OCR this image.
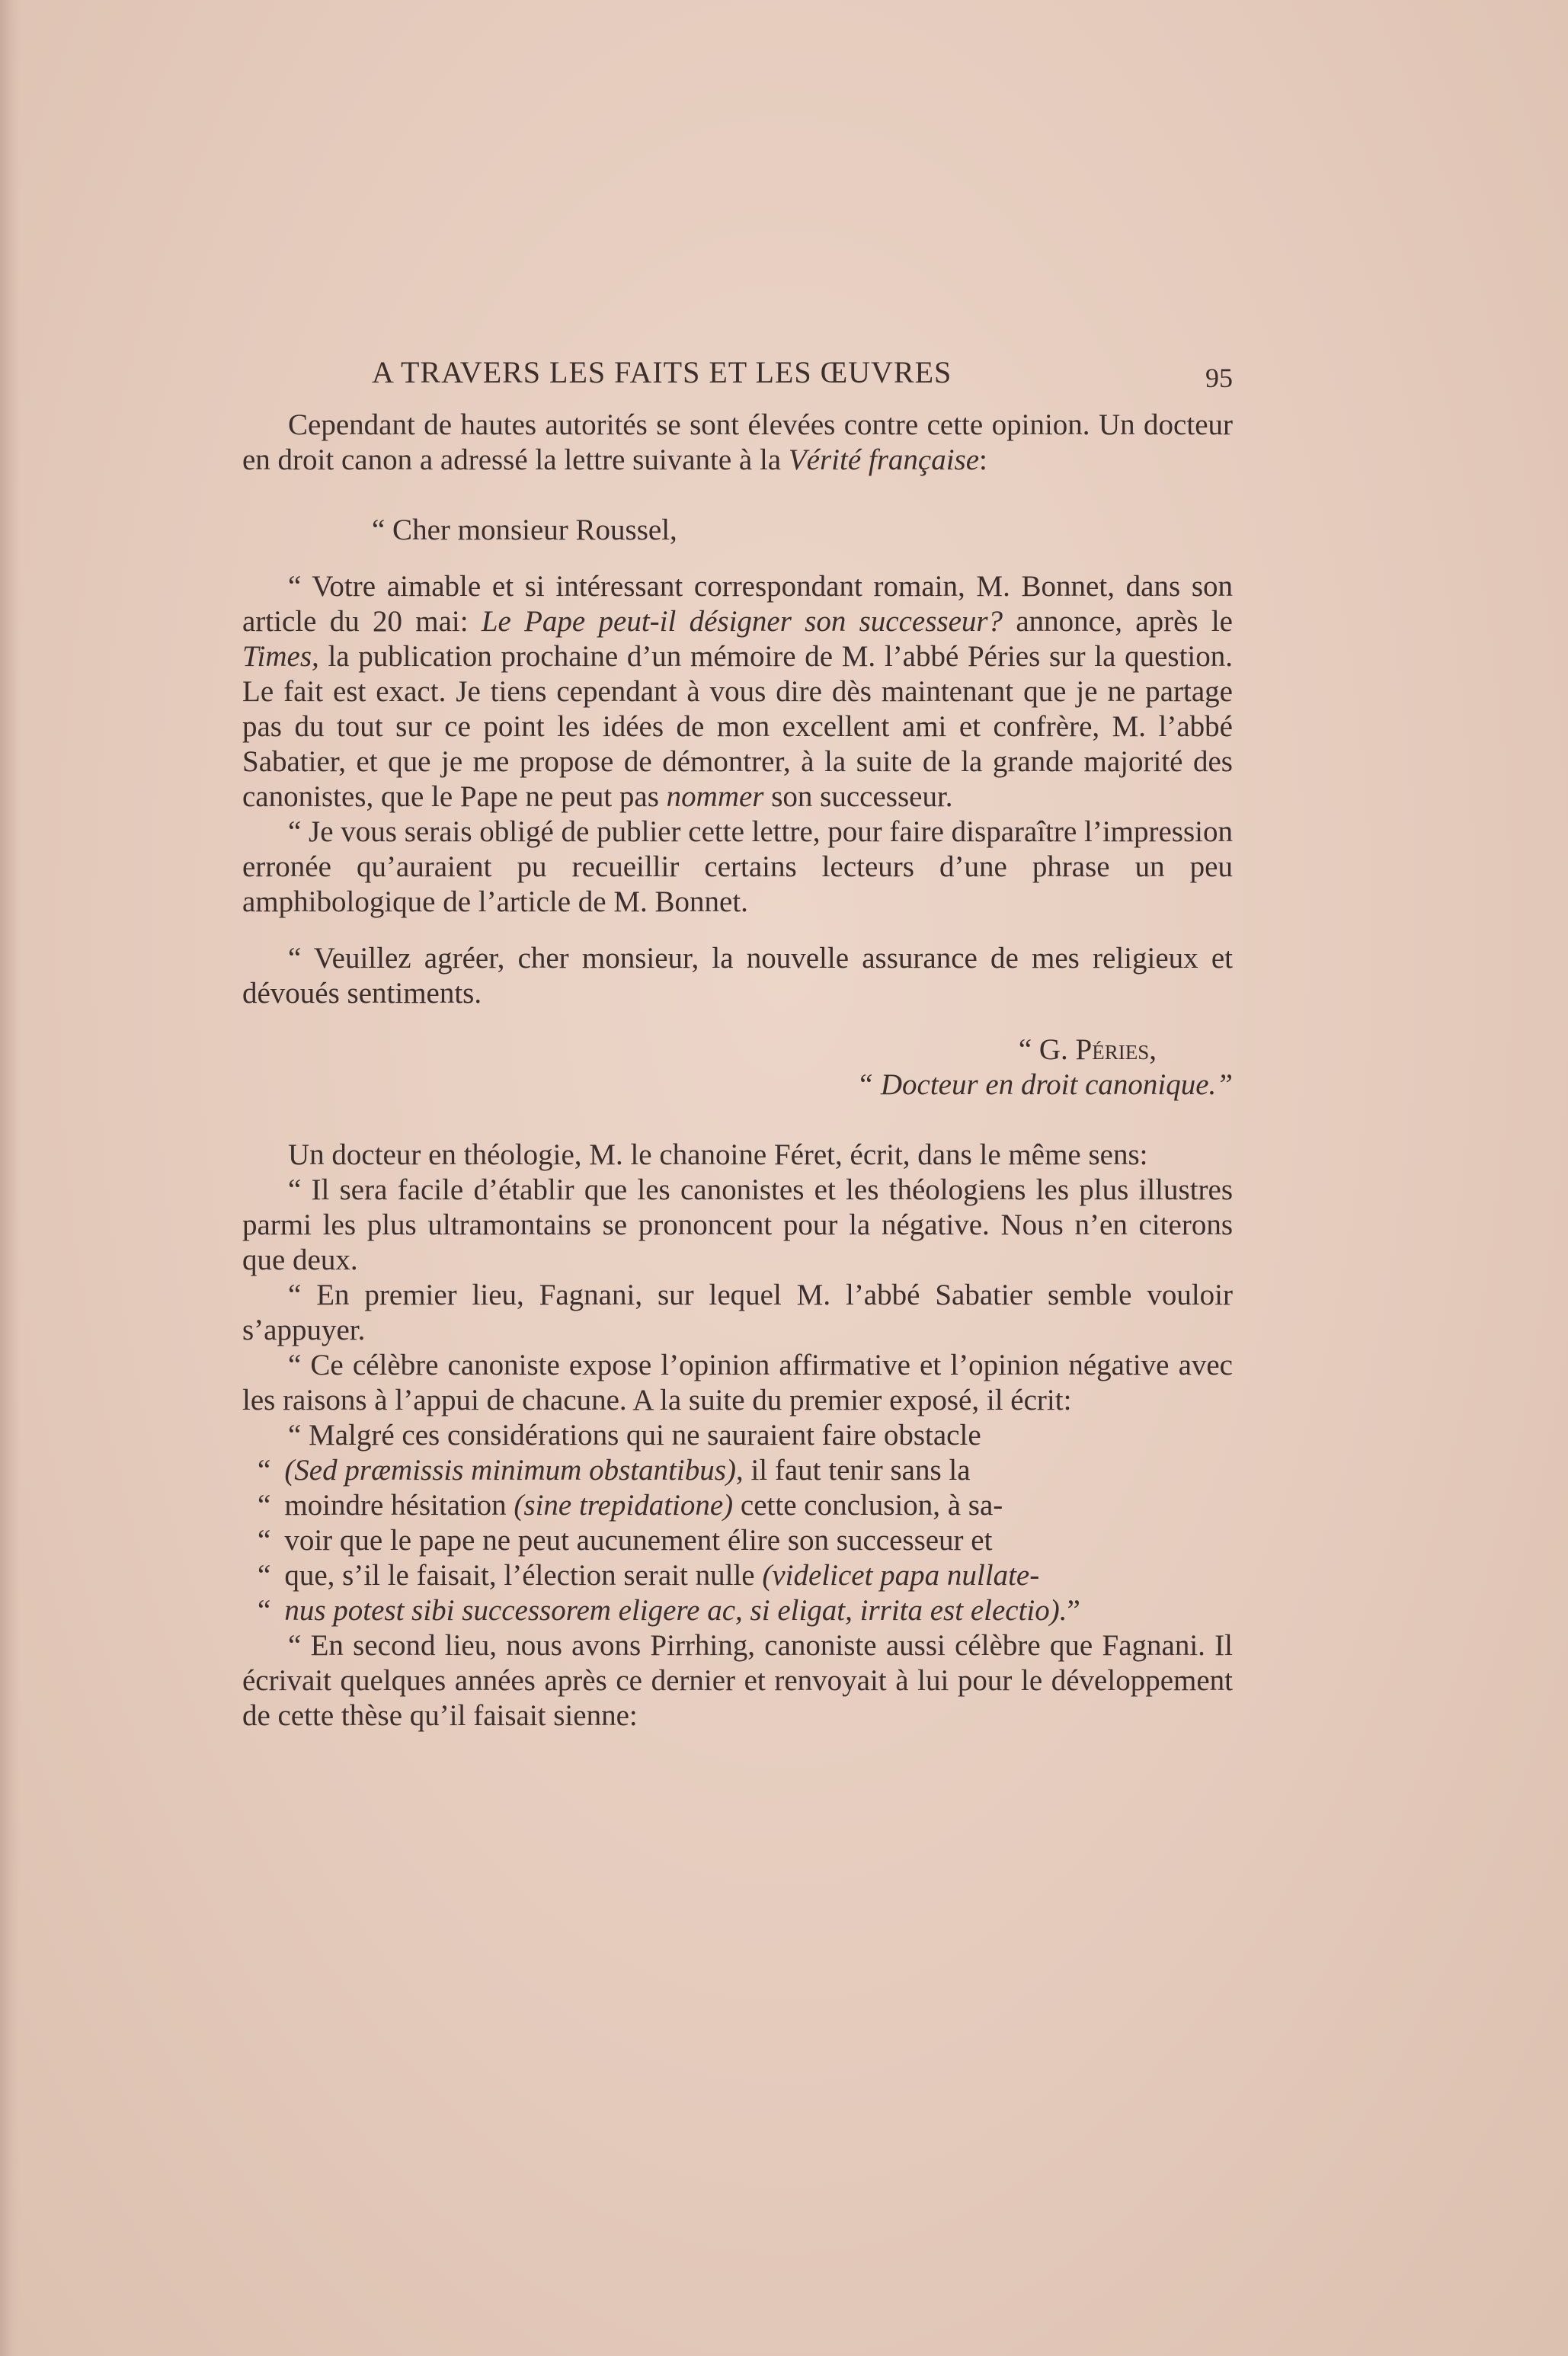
A TRAVERS LES FAITS ET LES ŒUVRES	95

Cependant de hautes autorités se sont élevées contre cette opinion. Un docteur en droit canon a adressé la lettre suivante à la Vérité française:

“ Cher monsieur Roussel,

“ Votre aimable et si intéressant correspondant romain, M. Bonnet, dans son article du 20 mai: Le Pape peut-il désigner son successeur? annonce, après le Times, la publication prochaine d’un mémoire de M. l’abbé Péries sur la question. Le fait est exact. Je tiens cependant à vous dire dès maintenant que je ne partage pas du tout sur ce point les idées de mon excellent ami et confrère, M. l’abbé Sabatier, et que je me propose de démontrer, à la suite de la grande majorité des canonistes, que le Pape ne peut pas nommer son successeur.

“ Je vous serais obligé de publier cette lettre, pour faire disparaître l’impression erronée qu’auraient pu recueillir certains lecteurs d’une phrase un peu amphibologique de l’article de M. Bonnet.

“ Veuillez agréer, cher monsieur, la nouvelle assurance de mes religieux et dévoués sentiments.

“ G. Péries,

“ Docteur en droit canonique.”

Un docteur en théologie, M. le chanoine Féret, écrit, dans le même sens:

“ Il sera facile d’établir que les canonistes et les théologiens les plus illustres parmi les plus ultramontains se prononcent pour la négative. Nous n’en citerons que deux.

“ En premier lieu, Fagnani, sur lequel M. l’abbé Sabatier semble vouloir s’appuyer.

“ Ce célèbre canoniste expose l’opinion affirmative et l’opinion négative avec les raisons à l’appui de chacune. A la suite du premier exposé, il écrit:

“ Malgré ces considérations qui ne sauraient faire obstacle

“ (Sed præmissis minimum obstantibus), il faut tenir sans la

“ moindre hésitation (sine trepidatione) cette conclusion, à sa-

“ voir que le pape ne peut aucunement élire son successeur et

“ que, s’il le faisait, l’élection serait nulle (videlicet papa nullate-

“ nus potest sibi successorem eligere ac, si eligat, irrita est electio).”

“ En second lieu, nous avons Pirrhing, canoniste aussi célèbre que Fagnani. Il écrivait quelques années après ce dernier et renvoyait à lui pour le développement de cette thèse qu’il faisait sienne:
